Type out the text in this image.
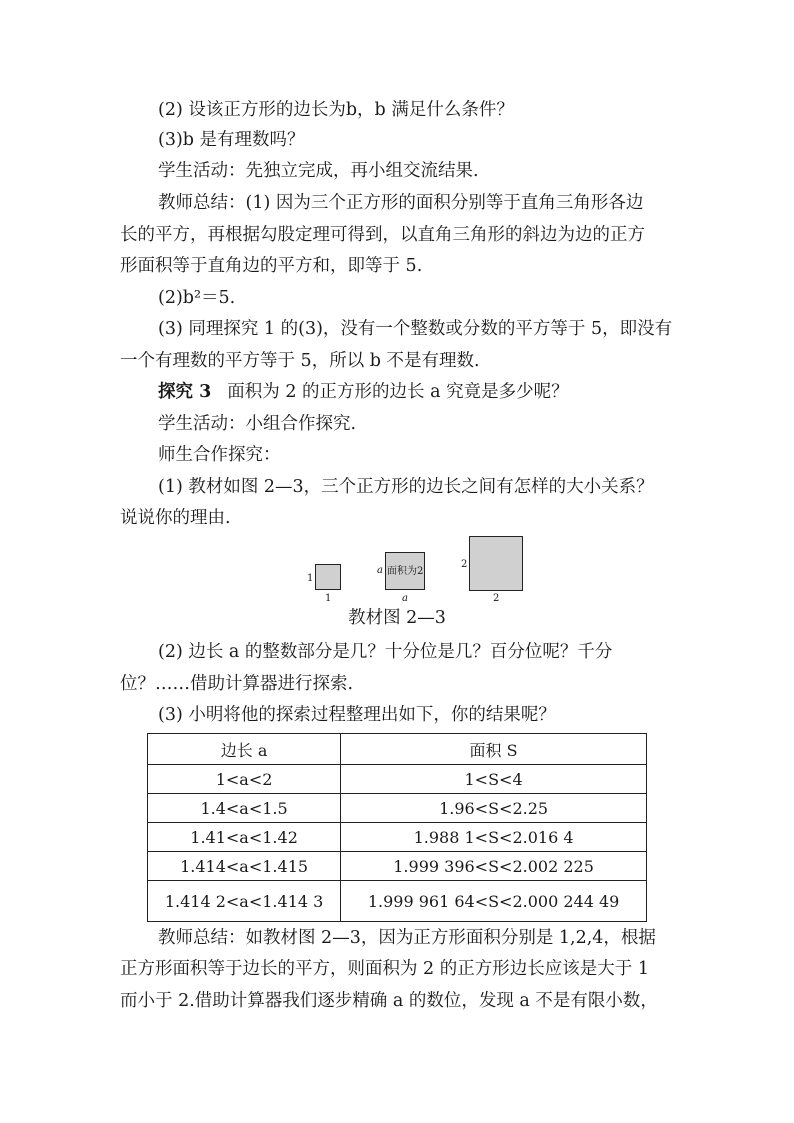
(2) 设该正方形的边长为b，b 满足什么条件？
(3)b 是有理数吗？
学生活动：先独立完成，再小组交流结果.
教师总结：(1) 因为三个正方形的面积分别等于直角三角形各边
长的平方，再根据勾股定理可得到，以直角三角形的斜边为边的正方
形面积等于直角边的平方和，即等于 5.
(2)b²＝5.
(3) 同理探究 1 的(3)，没有一个整数或分数的平方等于 5，即没有
一个有理数的平方等于 5，所以 b 不是有理数.
探究 3 面积为 2 的正方形的边长 a 究竟是多少呢？
学生活动：小组合作探究.
师生合作探究：
(1) 教材如图 2—3，三个正方形的边长之间有怎样的大小关系？
说说你的理由.
1
1
a 面积为2
a
2
2
教材图 2—3
(2) 边长 a 的整数部分是几？十分位是几？百分位呢？千分
位？……借助计算器进行探索.
(3) 小明将他的探索过程整理出如下，你的结果呢？
边长 a	面积 S
1<a<2	1<S<4
1.4<a<1.5	1.96<S<2.25
1.41<a<1.42	1.988 1<S<2.016 4
1.414<a<1.415	1.999 396<S<2.002 225
1.414 2<a<1.414 3	1.999 961 64<S<2.000 244 49
教师总结：如教材图 2—3，因为正方形面积分别是 1,2,4，根据
正方形面积等于边长的平方，则面积为 2 的正方形边长应该是大于 1
而小于 2.借助计算器我们逐步精确 a 的数位，发现 a 不是有限小数，
